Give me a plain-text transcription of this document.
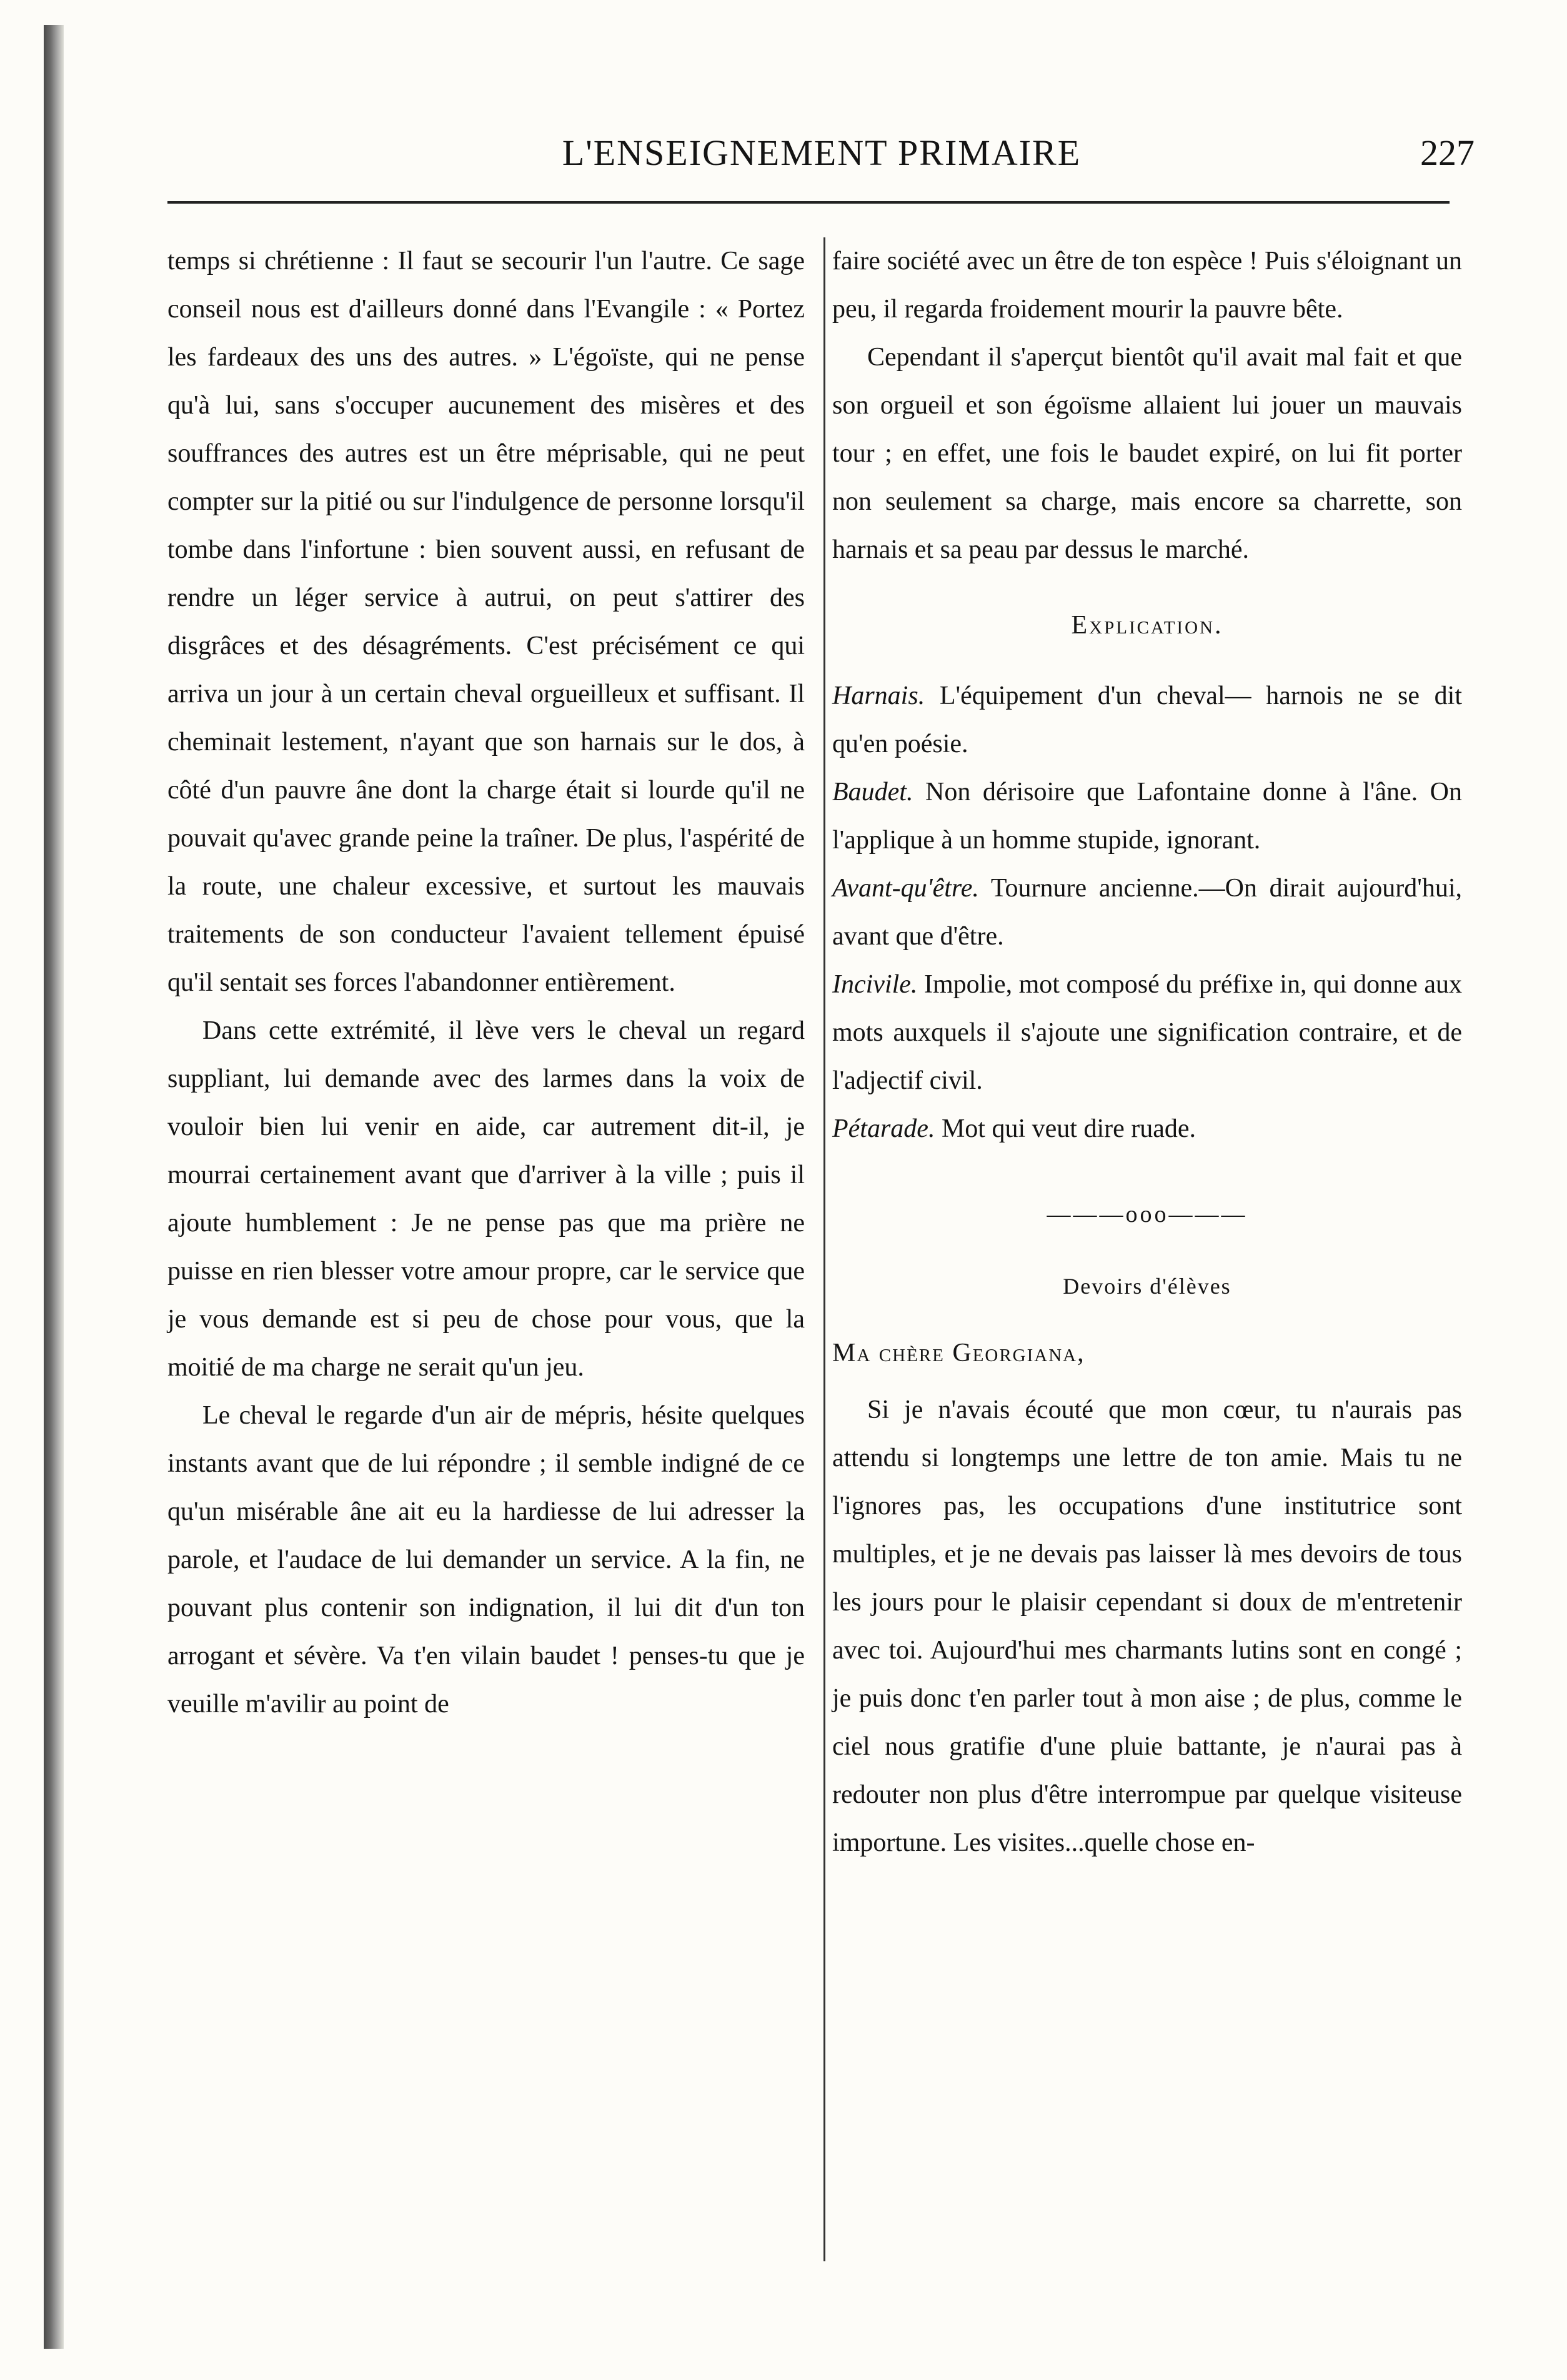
L'ENSEIGNEMENT PRIMAIRE	227

temps si chrétienne : Il faut se secourir l'un l'autre. Ce sage conseil nous est d'ailleurs donné dans l'Evangile : « Portez les fardeaux des uns des autres. » L'égoïste, qui ne pense qu'à lui, sans s'occuper aucunement des misères et des souffrances des autres est un être méprisable, qui ne peut compter sur la pitié ou sur l'indulgence de personne lorsqu'il tombe dans l'infortune : bien souvent aussi, en refusant de rendre un léger service à autrui, on peut s'attirer des disgrâces et des désagréments. C'est précisément ce qui arriva un jour à un certain cheval orgueilleux et suffisant. Il cheminait lestement, n'ayant que son harnais sur le dos, à côté d'un pauvre âne dont la charge était si lourde qu'il ne pouvait qu'avec grande peine la traîner. De plus, l'aspérité de la route, une chaleur excessive, et surtout les mauvais traitements de son conducteur l'avaient tellement épuisé qu'il sentait ses forces l'abandonner entièrement.

Dans cette extrémité, il lève vers le cheval un regard suppliant, lui demande avec des larmes dans la voix de vouloir bien lui venir en aide, car autrement dit-il, je mourrai certainement avant que d'arriver à la ville ; puis il ajoute humblement : Je ne pense pas que ma prière ne puisse en rien blesser votre amour propre, car le service que je vous demande est si peu de chose pour vous, que la moitié de ma charge ne serait qu'un jeu.

Le cheval le regarde d'un air de mépris, hésite quelques instants avant que de lui répondre ; il semble indigné de ce qu'un misérable âne ait eu la hardiesse de lui adresser la parole, et l'audace de lui demander un service. A la fin, ne pouvant plus contenir son indignation, il lui dit d'un ton arrogant et sévère. Va t'en vilain baudet ! penses-tu que je veuille m'avilir au point de

faire société avec un être de ton espèce ! Puis s'éloignant un peu, il regarda froidement mourir la pauvre bête.

Cependant il s'aperçut bientôt qu'il avait mal fait et que son orgueil et son égoïsme allaient lui jouer un mauvais tour ; en effet, une fois le baudet expiré, on lui fit porter non seulement sa charge, mais encore sa charrette, son harnais et sa peau par dessus le marché.

Explication.

Harnais. L'équipement d'un cheval— harnois ne se dit qu'en poésie.

Baudet. Non dérisoire que Lafontaine donne à l'âne. On l'applique à un homme stupide, ignorant.

Avant-qu'être. Tournure ancienne.—On dirait aujourd'hui, avant que d'être.

Incivile. Impolie, mot composé du préfixe in, qui donne aux mots auxquels il s'ajoute une signification contraire, et de l'adjectif civil.

Pétarade. Mot qui veut dire ruade.

———ooo———

Devoirs d'élèves

Ma chère Georgiana,

Si je n'avais écouté que mon cœur, tu n'aurais pas attendu si longtemps une lettre de ton amie. Mais tu ne l'ignores pas, les occupations d'une institutrice sont multiples, et je ne devais pas laisser là mes devoirs de tous les jours pour le plaisir cependant si doux de m'entretenir avec toi. Aujourd'hui mes charmants lutins sont en congé ; je puis donc t'en parler tout à mon aise ; de plus, comme le ciel nous gratifie d'une pluie battante, je n'aurai pas à redouter non plus d'être interrompue par quelque visiteuse importune. Les visites...quelle chose en-
